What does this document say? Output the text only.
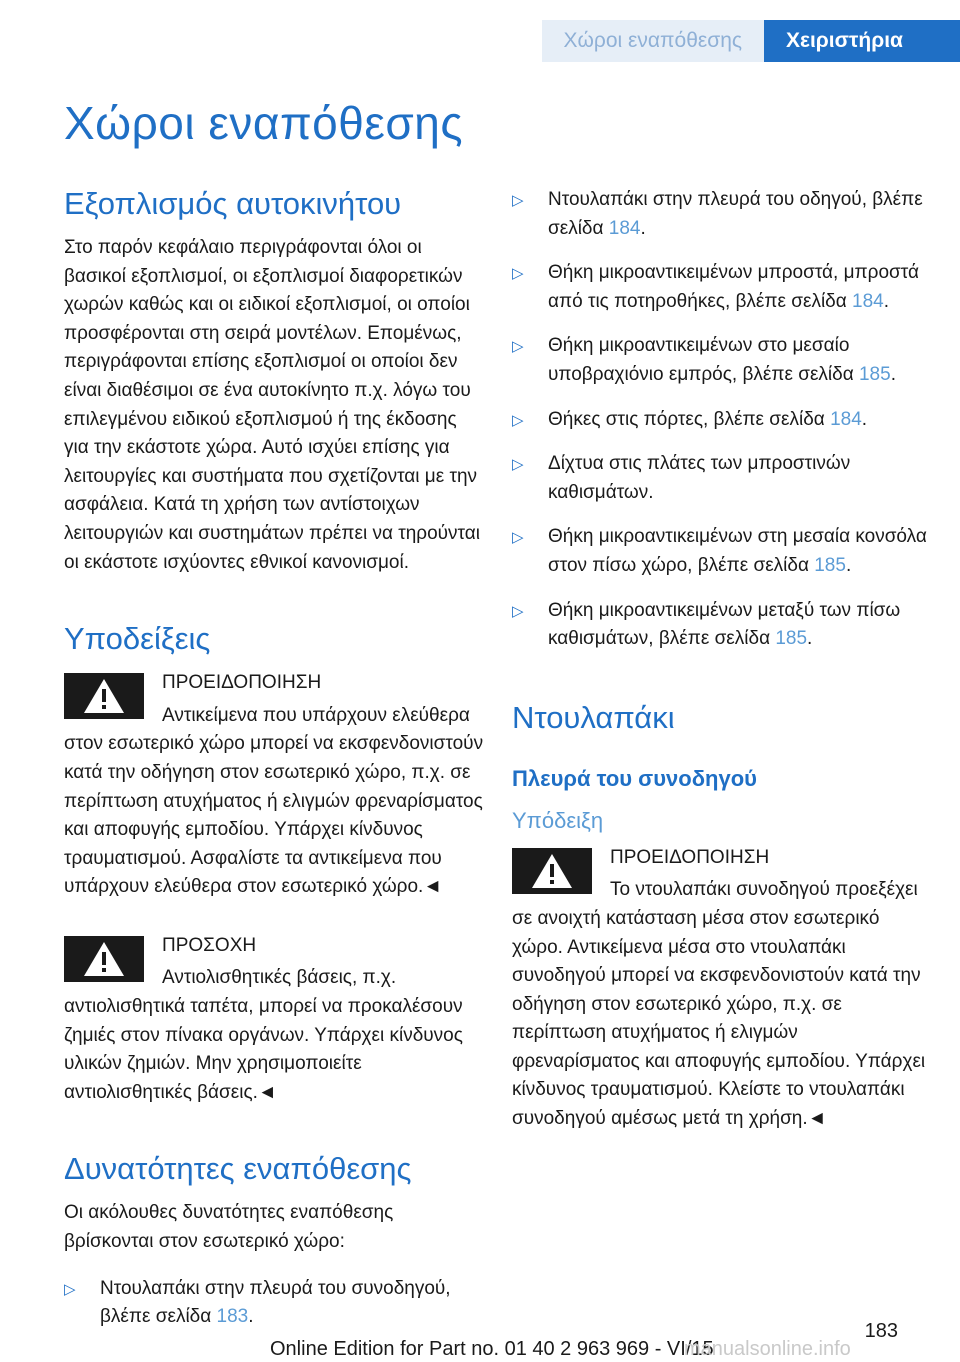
Χώροι εναπόθεσης	Χειριστήρια
Χώροι εναπόθεσης
Εξοπλισμός αυτοκινήτου

Στο παρόν κεφάλαιο περιγράφονται όλοι οι βασικοί εξοπλισμοί, οι εξοπλισμοί διαφορετικών χωρών καθώς και οι ειδικοί εξοπλισμοί, οι οποίοι προσφέρονται στη σειρά μοντέλων. Επομένως, περιγράφονται επίσης εξοπλισμοί οι οποίοι δεν είναι διαθέσιμοι σε ένα αυτοκίνητο π.χ. λόγω του επιλεγμένου ειδικού εξοπλισμού ή της έκδοσης για την εκάστοτε χώρα. Αυτό ισχύει επίσης για λειτουργίες και συστήματα που σχετίζονται με την ασφάλεια. Κατά τη χρήση των αντίστοιχων λειτουργιών και συστημάτων πρέπει να τηρούνται οι εκάστοτε ισχύοντες εθνικοί κανονισμοί.

Υποδείξεις
ΠΡΟΕΙΔΟΠΟΙΗΣΗ

Αντικείμενα που υπάρχουν ελεύθερα στον εσωτερικό χώρο μπορεί να εκσφενδονιστούν κατά την οδήγηση στον εσωτερικό χώρο, π.χ. σε περίπτωση ατυχήματος ή ελιγμών φρεναρίσματος και αποφυγής εμποδίου. Υπάρχει κίνδυνος τραυματισμού. Ασφαλίστε τα αντικείμενα που υπάρχουν ελεύθερα στον εσωτερικό χώρο.◄

ΠΡΟΣΟΧΗ

Αντιολισθητικές βάσεις, π.χ. αντιολισθητικά ταπέτα, μπορεί να προκαλέσουν ζημιές στον πίνακα οργάνων. Υπάρχει κίνδυνος υλικών ζημιών. Μην χρησιμοποιείτε αντιολισθητικές βάσεις.◄

Δυνατότητες εναπόθεσης

Οι ακόλουθες δυνατότητες εναπόθεσης βρίσκονται στον εσωτερικό χώρο:

▷ Ντουλαπάκι στην πλευρά του συνοδηγού, βλέπε σελίδα 183.
▷ Ντουλαπάκι στην πλευρά του οδηγού, βλέπε σελίδα 184.
▷ Θήκη μικροαντικειμένων μπροστά, μπροστά από τις ποτηροθήκες, βλέπε σελίδα 184.
▷ Θήκη μικροαντικειμένων στο μεσαίο υποβραχιόνιο εμπρός, βλέπε σελίδα 185.
▷ Θήκες στις πόρτες, βλέπε σελίδα 184.
▷ Δίχτυα στις πλάτες των μπροστινών καθισμάτων.
▷ Θήκη μικροαντικειμένων στη μεσαία κονσόλα στον πίσω χώρο, βλέπε σελίδα 185.
▷ Θήκη μικροαντικειμένων μεταξύ των πίσω καθισμάτων, βλέπε σελίδα 185.
Ντουλαπάκι
Πλευρά του συνοδηγού
Υπόδειξη
ΠΡΟΕΙΔΟΠΟΙΗΣΗ

Το ντουλαπάκι συνοδηγού προεξέχει σε ανοιχτή κατάσταση μέσα στον εσωτερικό χώρο. Αντικείμενα μέσα στο ντουλαπάκι συνοδηγού μπορεί να εκσφενδονιστούν κατά την οδήγηση στον εσωτερικό χώρο, π.χ. σε περίπτωση ατυχήματος ή ελιγμών φρεναρίσματος και αποφυγής εμποδίου. Υπάρχει κίνδυνος τραυματισμού. Κλείστε το ντουλαπάκι συνοδηγού αμέσως μετά τη χρήση.◄

183
Online Edition for Part no. 01 40 2 963 969 - VI/15
manualsonline.info
